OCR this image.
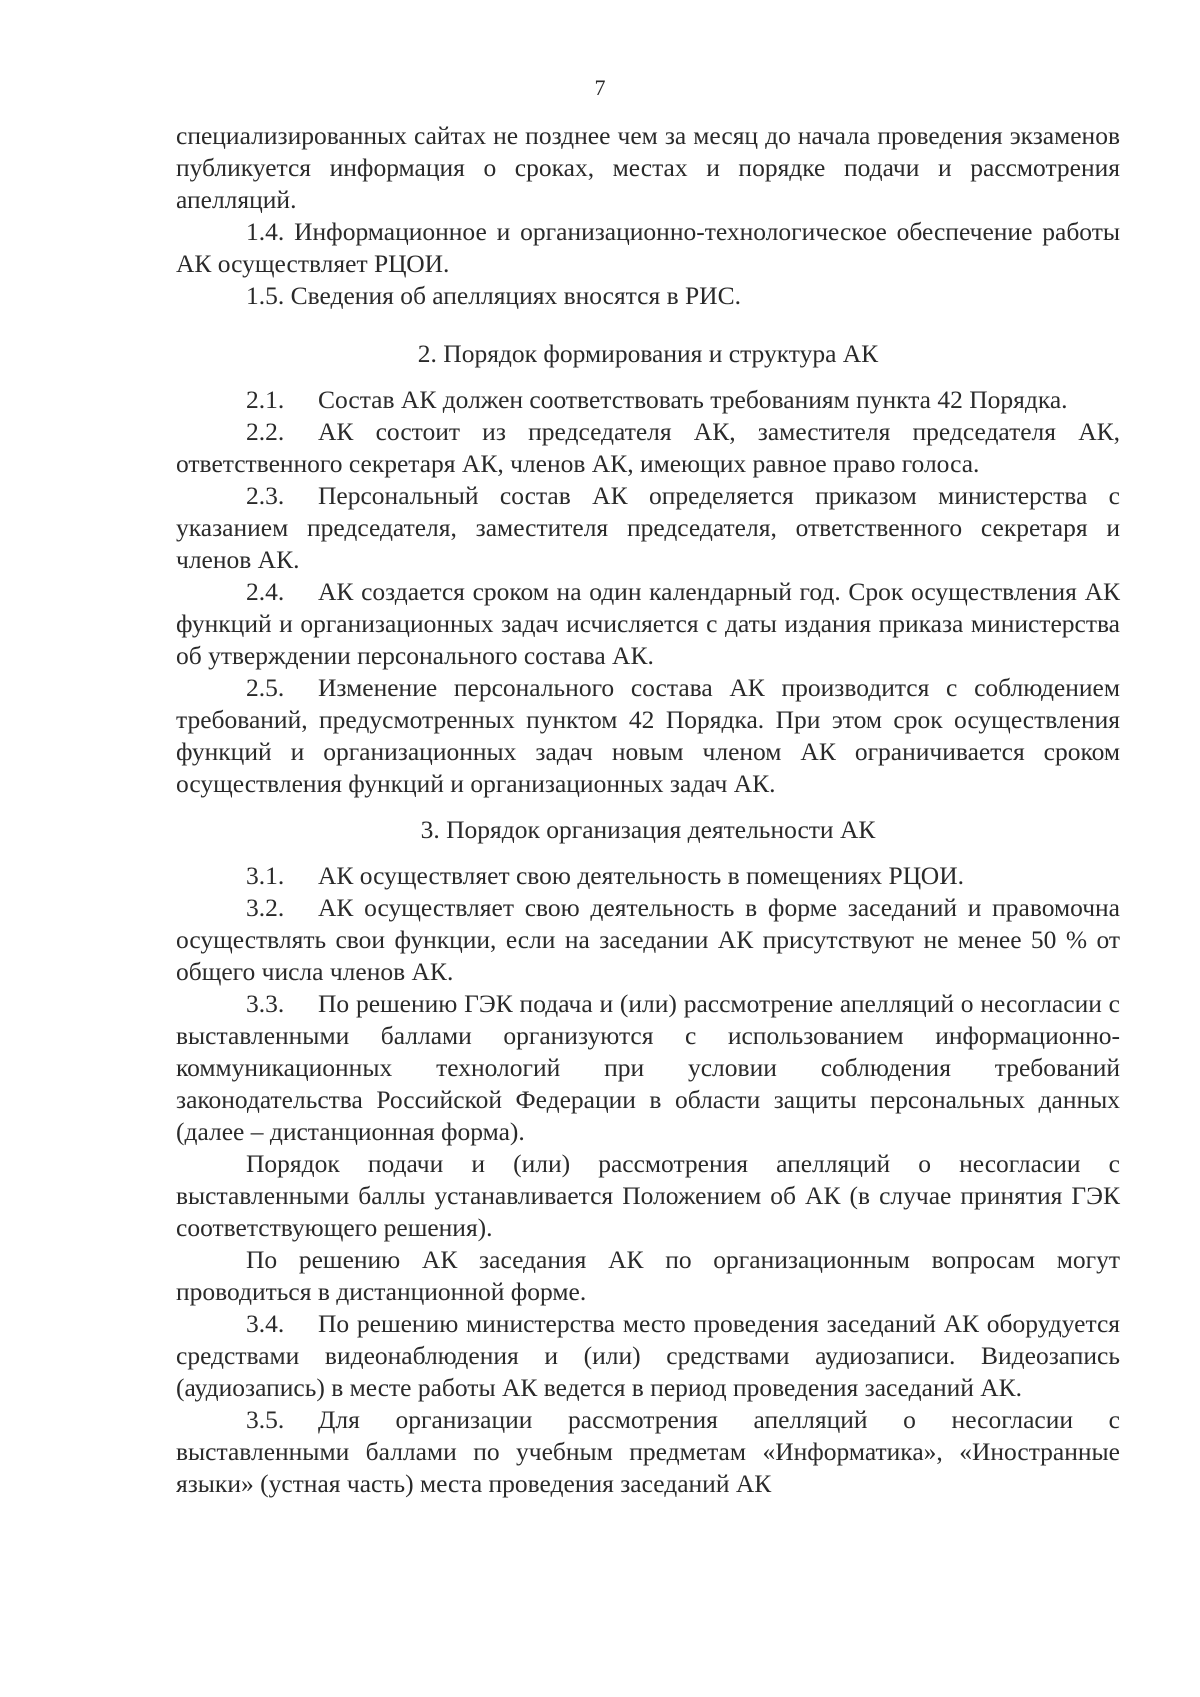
7

специализированных сайтах не позднее чем за месяц до начала проведения экзаменов публикуется информация о сроках, местах и порядке подачи и рассмотрения апелляций.

1.4. Информационное и организационно-технологическое обеспечение работы АК осуществляет РЦОИ.

1.5. Сведения об апелляциях вносятся в РИС.

2. Порядок формирования и структура АК

2.1. Состав АК должен соответствовать требованиям пункта 42 Порядка.

2.2. АК состоит из председателя АК, заместителя председателя АК, ответственного секретаря АК, членов АК, имеющих равное право голоса.

2.3. Персональный состав АК определяется приказом министерства с указанием председателя, заместителя председателя, ответственного секретаря и членов АК.

2.4. АК создается сроком на один календарный год. Срок осуществления АК функций и организационных задач исчисляется с даты издания приказа министерства об утверждении персонального состава АК.

2.5. Изменение персонального состава АК производится с соблюдением требований, предусмотренных пунктом 42 Порядка. При этом срок осуществления функций и организационных задач новым членом АК ограничивается сроком осуществления функций и организационных задач АК.

3. Порядок организация деятельности АК

3.1. АК осуществляет свою деятельность в помещениях РЦОИ.

3.2. АК осуществляет свою деятельность в форме заседаний и правомочна осуществлять свои функции, если на заседании АК присутствуют не менее 50 % от общего числа членов АК.

3.3. По решению ГЭК подача и (или) рассмотрение апелляций о несогласии с выставленными баллами организуются с использованием информационно-коммуникационных технологий при условии соблюдения требований законодательства Российской Федерации в области защиты персональных данных (далее – дистанционная форма).

Порядок подачи и (или) рассмотрения апелляций о несогласии с выставленными баллы устанавливается Положением об АК (в случае принятия ГЭК соответствующего решения).

По решению АК заседания АК по организационным вопросам могут проводиться в дистанционной форме.

3.4. По решению министерства место проведения заседаний АК оборудуется средствами видеонаблюдения и (или) средствами аудиозаписи. Видеозапись (аудиозапись) в месте работы АК ведется в период проведения заседаний АК.

3.5. Для организации рассмотрения апелляций о несогласии с выставленными баллами по учебным предметам «Информатика», «Иностранные языки» (устная часть) места проведения заседаний АК
